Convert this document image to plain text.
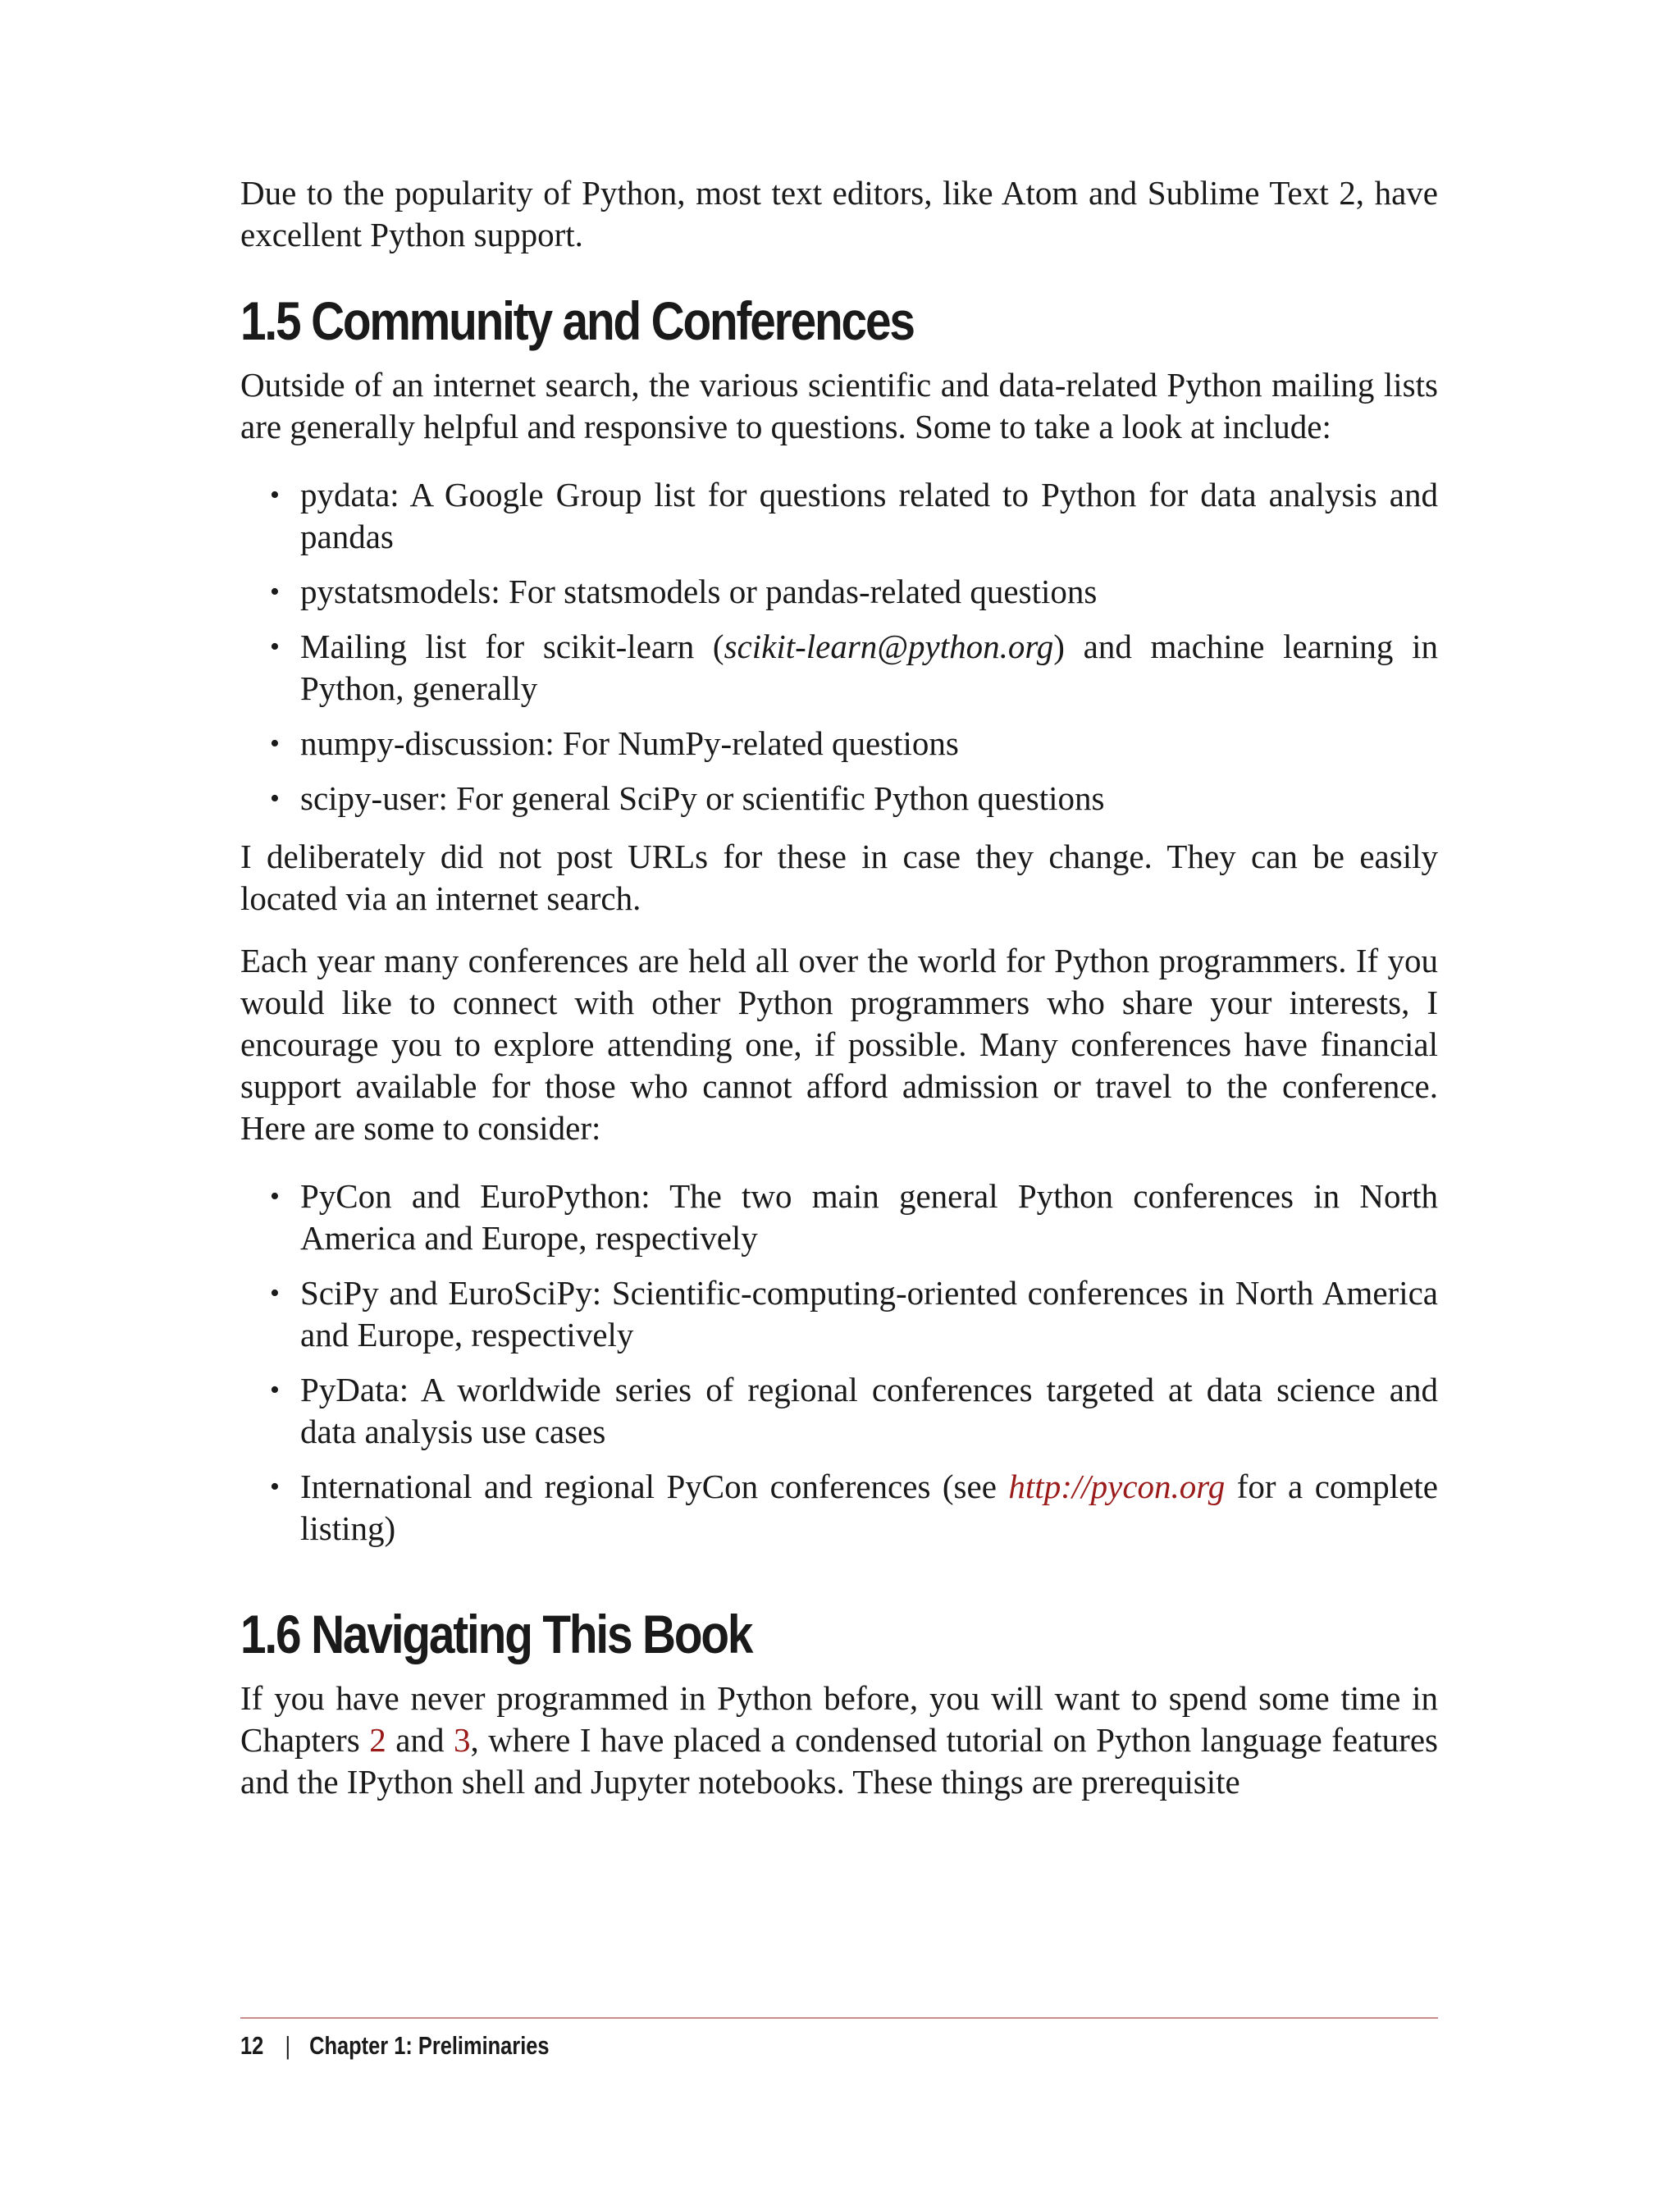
Due to the popularity of Python, most text editors, like Atom and Sublime Text 2, have excellent Python support.

1.5 Community and Conferences

Outside of an internet search, the various scientific and data-related Python mailing lists are generally helpful and responsive to questions. Some to take a look at include:

• pydata: A Google Group list for questions related to Python for data analysis and pandas
• pystatsmodels: For statsmodels or pandas-related questions
• Mailing list for scikit-learn (scikit-learn@python.org) and machine learning in Python, generally
• numpy-discussion: For NumPy-related questions
• scipy-user: For general SciPy or scientific Python questions

I deliberately did not post URLs for these in case they change. They can be easily located via an internet search.

Each year many conferences are held all over the world for Python programmers. If you would like to connect with other Python programmers who share your interests, I encourage you to explore attending one, if possible. Many conferences have financial support available for those who cannot afford admission or travel to the conference. Here are some to consider:

• PyCon and EuroPython: The two main general Python conferences in North America and Europe, respectively
• SciPy and EuroSciPy: Scientific-computing-oriented conferences in North America and Europe, respectively
• PyData: A worldwide series of regional conferences targeted at data science and data analysis use cases
• International and regional PyCon conferences (see http://pycon.org for a complete listing)
1.6 Navigating This Book

If you have never programmed in Python before, you will want to spend some time in Chapters 2 and 3, where I have placed a condensed tutorial on Python language features and the IPython shell and Jupyter notebooks. These things are prerequisite

12 | Chapter 1: Preliminaries
